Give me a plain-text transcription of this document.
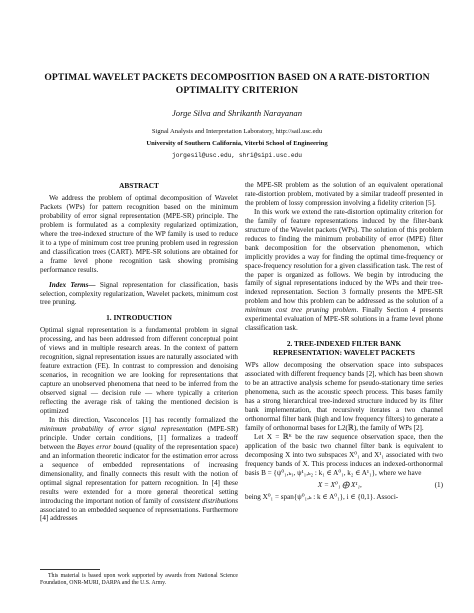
OPTIMAL WAVELET PACKETS DECOMPOSITION BASED ON A RATE-DISTORTION
OPTIMALITY CRITERION
Jorge Silva and Shrikanth Narayanan
Signal Analysis and Interpretation Laboratory, http://sail.usc.edu
University of Southern California, Viterbi School of Engineering
jorgesil@usc.edu, shri@sipi.usc.edu
ABSTRACT

We address the problem of optimal decomposition of Wavelet Packets (WPs) for pattern recognition based on the minimum probability of error signal representation (MPE-SR) principle. The problem is formulated as a complexity regularized optimization, where the tree-indexed structure of the WP family is used to reduce it to a type of minimum cost tree pruning problem used in regression and classification trees (CART). MPE-SR solutions are obtained for a frame level phone recognition task showing promising performance results.

Index Terms— Signal representation for classification, basis selection, complexity regularization, Wavelet packets, minimum cost tree pruning.

1. INTRODUCTION

Optimal signal representation is a fundamental problem in signal processing, and has been addressed from different conceptual point of views and in multiple research areas. In the context of pattern recognition, signal representation issues are naturally associated with feature extraction (FE). In contrast to compression and denoising scenarios, in recognition we are looking for representations that capture an unobserved phenomena that need to be inferred from the observed signal — decision rule — where typically a criterion reflecting the average risk of taking the mentioned decision is optimized

In this direction, Vasconcelos [1] has recently formalized the minimum probability of error signal representation (MPE-SR) principle. Under certain conditions, [1] formalizes a tradeoff between the Bayes error bound (quality of the representation space) and an information theoretic indicator for the estimation error across a sequence of embedded representations of increasing dimensionality, and finally connects this result with the notion of optimal signal representation for pattern recognition. In [4] these results were extended for a more general theoretical setting introducing the important notion of family of consistent distributions associated to an embedded sequence of representations. Furthermore [4] addresses

This material is based upon work supported by awards from National Science Foundation, ONR-MURI, DARPA and the U.S. Army.

the MPE-SR problem as the solution of an equivalent operational rate-distortion problem, motivated by a similar tradeoff presented in the problem of lossy compression involving a fidelity criterion [5].

In this work we extend the rate-distortion optimality criterion for the family of feature representations induced by the filter-bank structure of the Wavelet packets (WPs). The solution of this problem reduces to finding the minimum probability of error (MPE) filter bank decomposition for the observation phenomenon, which implicitly provides a way for finding the optimal time-frequency or space-frequency resolution for a given classification task. The rest of the paper is organized as follows. We begin by introducing the family of signal representations induced by the WPs and their tree-indexed representation. Section 3 formally presents the MPE-SR problem and how this problem can be addressed as the solution of a minimum cost tree pruning problem. Finally Section 4 presents experimental evaluation of MPE-SR solutions in a frame level phone classification task.

2. TREE-INDEXED FILTER BANK
REPRESENTATION: WAVELET PACKETS

WPs allow decomposing the observation space into subspaces associated with different frequency bands [2], which has been shown to be an attractive analysis scheme for pseudo-stationary time series phenomena, such as the acoustic speech process. This bases family has a strong hierarchical tree-indexed structure induced by its filter bank implementation, that recursively iterates a two channel orthonormal filter bank (high and low frequency filters) to generate a family of orthonormal bases for L2(ℝ), the family of WPs [2].

Let X = ℝᴷ be the raw sequence observation space, then the application of the basic two channel filter bank is equivalent to decomposing X into two subspaces X⁰₁ and X¹₁ associated with two frequency bands of X. This process induces an indexed-orthonormal basis B = {ψ⁰₁,ₖ₁, ψ¹₁,ₖ₂ : k₁ ∈ A⁰₁, k₂ ∈ A¹₁}, where we have

X = X⁰₁ ⨁ X¹₁,	(1)

being X⁰₁ = span{ψ⁰₁,ₖ : k ∈ A⁰₁}, i ∈ {0,1}. Associ-
